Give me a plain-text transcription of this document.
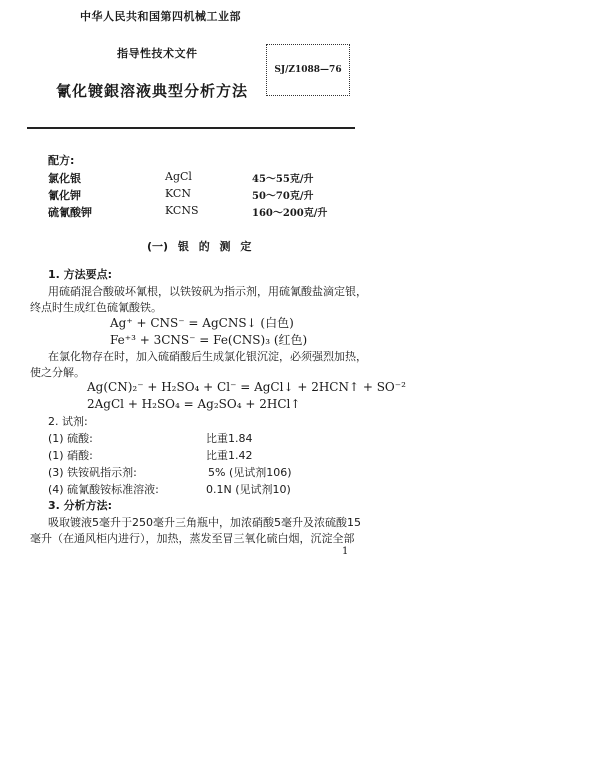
中华人民共和国第四机械工业部
指导性技术文件
氰化镀銀溶液典型分析方法
SJ/Z1088—76
配方:
氯化银	AgCl	45～55克/升
氰化钾	KCN	50～70克/升
硫氰酸钾	KCNS	160～200克/升
(一) 银 的 测 定
1. 方法要点:
用硫硝混合酸破坏氰根，以铁铵矾为指示剂，用硫氰酸盐滴定银，
终点时生成红色硫氰酸铁。
Ag⁺ + CNS⁻ = AgCNS↓ (白色)
Fe⁺³ + 3CNS⁻ = Fe(CNS)₃ (红色)
在氯化物存在时，加入硫硝酸后生成氯化银沉淀，必须强烈加热，
使之分解。
Ag(CN)₂⁻ + H₂SO₄ + Cl⁻ = AgCl↓ + 2HCN↑ + SO⁻²
2AgCl + H₂SO₄ = Ag₂SO₄ + 2HCl↑
2. 试剂:
(1) 硫酸:	比重1.84
(1) 硝酸:	比重1.42
(3) 铁铵矾指示剂:	5% (见试剂106)
(4) 硫氰酸铵标准溶液:	0.1N (见试剂10)
3. 分析方法:
吸取镀液5毫升于250毫升三角瓶中，加浓硝酸5毫升及浓硫酸15
毫升（在通风柜内进行），加热，蒸发至冒三氧化硫白烟，沉淀全部
1
